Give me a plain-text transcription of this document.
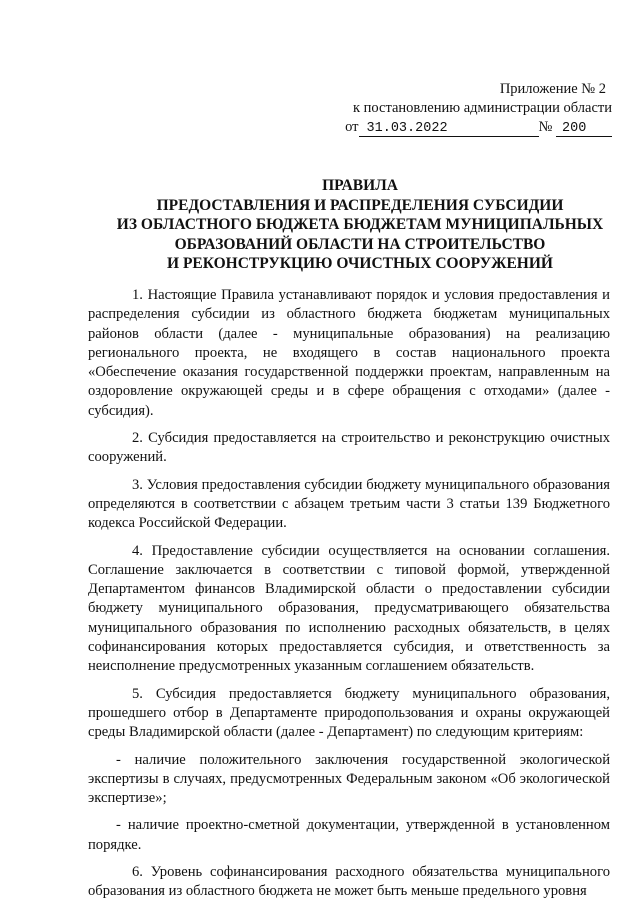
Приложение № 2
к постановлению администрации области
от 31.03.2022	№ 200
ПРАВИЛА
ПРЕДОСТАВЛЕНИЯ И РАСПРЕДЕЛЕНИЯ СУБСИДИИ
ИЗ ОБЛАСТНОГО БЮДЖЕТА БЮДЖЕТАМ МУНИЦИПАЛЬНЫХ
ОБРАЗОВАНИЙ ОБЛАСТИ НА СТРОИТЕЛЬСТВО
И РЕКОНСТРУКЦИЮ ОЧИСТНЫХ СООРУЖЕНИЙ

1. Настоящие Правила устанавливают порядок и условия предоставления и распределения субсидии из областного бюджета бюджетам муниципальных районов области (далее - муниципальные образования) на реализацию регионального проекта, не входящего в состав национального проекта «Обеспечение оказания государственной поддержки проектам, направленным на оздоровление окружающей среды и в сфере обращения с отходами» (далее - субсидия).

2. Субсидия предоставляется на строительство и реконструкцию очистных сооружений.

3. Условия предоставления субсидии бюджету муниципального образования определяются в соответствии с абзацем третьим части 3 статьи 139 Бюджетного кодекса Российской Федерации.

4. Предоставление субсидии осуществляется на основании соглашения. Соглашение заключается в соответствии с типовой формой, утвержденной Департаментом финансов Владимирской области о предоставлении субсидии бюджету муниципального образования, предусматривающего обязательства муниципального образования по исполнению расходных обязательств, в целях софинансирования которых предоставляется субсидия, и ответственность за неисполнение предусмотренных указанным соглашением обязательств.

5. Субсидия предоставляется бюджету муниципального образования, прошедшего отбор в Департаменте природопользования и охраны окружающей среды Владимирской области (далее - Департамент) по следующим критериям:

- наличие положительного заключения государственной экологической экспертизы в случаях, предусмотренных Федеральным законом «Об экологической экспертизе»;

- наличие проектно-сметной документации, утвержденной в установленном порядке.

6. Уровень софинансирования расходного обязательства муниципального образования из областного бюджета не может быть меньше предельного уровня
